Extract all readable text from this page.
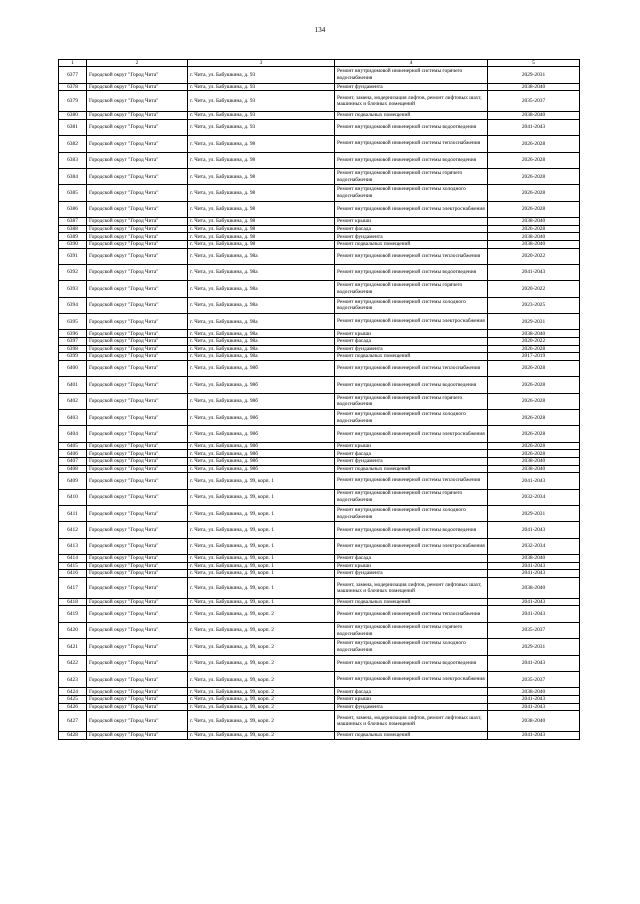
134
1	2	3	4	5
6377	Городской округ "Город Чита"	г. Чита, ул. Бабушкина, д. 93	Ремонт внутридомовой инженерной системы горячего водоснабжения	2029-2031
6378	Городской округ "Город Чита"	г. Чита, ул. Бабушкина, д. 93	Ремонт фундамента	2038-2040
6379	Городской округ "Город Чита"	г. Чита, ул. Бабушкина, д. 93	Ремонт, замена, модернизация лифтов, ремонт лифтовых шахт, машинных и блочных помещений	2035-2037
6380	Городской округ "Город Чита"	г. Чита, ул. Бабушкина, д. 93	Ремонт подвальных помещений	2038-2040
6381	Городской округ "Город Чита"	г. Чита, ул. Бабушкина, д. 93	Ремонт внутридомовой инженерной системы водоотведения	2041-2043
6382	Городской округ "Город Чита"	г. Чита, ул. Бабушкина, д. 98	Ремонт внутридомовой инженерной системы теплоснабжения	2026-2028
6383	Городской округ "Город Чита"	г. Чита, ул. Бабушкина, д. 98	Ремонт внутридомовой инженерной системы водоотведения	2026-2028
6384	Городской округ "Город Чита"	г. Чита, ул. Бабушкина, д. 98	Ремонт внутридомовой инженерной системы горячего водоснабжения	2026-2028
6385	Городской округ "Город Чита"	г. Чита, ул. Бабушкина, д. 98	Ремонт внутридомовой инженерной системы холодного водоснабжения	2026-2028
6386	Городской округ "Город Чита"	г. Чита, ул. Бабушкина, д. 98	Ремонт внутридомовой инженерной системы электроснабжения	2026-2028
6387	Городской округ "Город Чита"	г. Чита, ул. Бабушкина, д. 98	Ремонт крыши	2038-2040
6388	Городской округ "Город Чита"	г. Чита, ул. Бабушкина, д. 98	Ремонт фасада	2026-2028
6389	Городской округ "Город Чита"	г. Чита, ул. Бабушкина, д. 98	Ремонт фундамента	2038-2040
6390	Городской округ "Город Чита"	г. Чита, ул. Бабушкина, д. 98	Ремонт подвальных помещений	2038-2040
6391	Городской округ "Город Чита"	г. Чита, ул. Бабушкина, д. 98а	Ремонт внутридомовой инженерной системы теплоснабжения	2020-2022
6392	Городской округ "Город Чита"	г. Чита, ул. Бабушкина, д. 98а	Ремонт внутридомовой инженерной системы водоотведения	2041-2043
6393	Городской округ "Город Чита"	г. Чита, ул. Бабушкина, д. 98а	Ремонт внутридомовой инженерной системы горячего водоснабжения	2020-2022
6394	Городской округ "Город Чита"	г. Чита, ул. Бабушкина, д. 98а	Ремонт внутридомовой инженерной системы холодного водоснабжения	2023-2025
6395	Городской округ "Город Чита"	г. Чита, ул. Бабушкина, д. 98а	Ремонт внутридомовой инженерной системы электроснабжения	2029-2031
6396	Городской округ "Город Чита"	г. Чита, ул. Бабушкина, д. 98а	Ремонт крыши	2038-2040
6397	Городской округ "Город Чита"	г. Чита, ул. Бабушкина, д. 98а	Ремонт фасада	2020-2022
6398	Городской округ "Город Чита"	г. Чита, ул. Бабушкина, д. 98а	Ремонт фундамента	2026-2028
6399	Городской округ "Город Чита"	г. Чита, ул. Бабушкина, д. 98а	Ремонт подвальных помещений	2017-2019
6400	Городской округ "Город Чита"	г. Чита, ул. Бабушкина, д. 98б	Ремонт внутридомовой инженерной системы теплоснабжения	2026-2028
6401	Городской округ "Город Чита"	г. Чита, ул. Бабушкина, д. 98б	Ремонт внутридомовой инженерной системы водоотведения	2026-2028
6402	Городской округ "Город Чита"	г. Чита, ул. Бабушкина, д. 98б	Ремонт внутридомовой инженерной системы горячего водоснабжения	2026-2028
6403	Городской округ "Город Чита"	г. Чита, ул. Бабушкина, д. 98б	Ремонт внутридомовой инженерной системы холодного водоснабжения	2026-2028
6404	Городской округ "Город Чита"	г. Чита, ул. Бабушкина, д. 98б	Ремонт внутридомовой инженерной системы электроснабжения	2026-2028
6405	Городской округ "Город Чита"	г. Чита, ул. Бабушкина, д. 98б	Ремонт крыши	2026-2028
6406	Городской округ "Город Чита"	г. Чита, ул. Бабушкина, д. 98б	Ремонт фасада	2026-2028
6407	Городской округ "Город Чита"	г. Чита, ул. Бабушкина, д. 98б	Ремонт фундамента	2038-2040
6408	Городской округ "Город Чита"	г. Чита, ул. Бабушкина, д. 98б	Ремонт подвальных помещений	2038-2040
6409	Городской округ "Город Чита"	г. Чита, ул. Бабушкина, д. 99, корп. 1	Ремонт внутридомовой инженерной системы теплоснабжения	2041-2043
6410	Городской округ "Город Чита"	г. Чита, ул. Бабушкина, д. 99, корп. 1	Ремонт внутридомовой инженерной системы горячего водоснабжения	2032-2034
6411	Городской округ "Город Чита"	г. Чита, ул. Бабушкина, д. 99, корп. 1	Ремонт внутридомовой инженерной системы холодного водоснабжения	2029-2031
6412	Городской округ "Город Чита"	г. Чита, ул. Бабушкина, д. 99, корп. 1	Ремонт внутридомовой инженерной системы водоотведения	2041-2043
6413	Городской округ "Город Чита"	г. Чита, ул. Бабушкина, д. 99, корп. 1	Ремонт внутридомовой инженерной системы электроснабжения	2032-2034
6414	Городской округ "Город Чита"	г. Чита, ул. Бабушкина, д. 99, корп. 1	Ремонт фасада	2038-2040
6415	Городской округ "Город Чита"	г. Чита, ул. Бабушкина, д. 99, корп. 1	Ремонт крыши	2041-2043
6416	Городской округ "Город Чита"	г. Чита, ул. Бабушкина, д. 99, корп. 1	Ремонт фундамента	2041-2043
6417	Городской округ "Город Чита"	г. Чита, ул. Бабушкина, д. 99, корп. 1	Ремонт, замена, модернизация лифтов, ремонт лифтовых шахт, машинных и блочных помещений	2038-2040
6418	Городской округ "Город Чита"	г. Чита, ул. Бабушкина, д. 99, корп. 1	Ремонт подвальных помещений	2041-2043
6419	Городской округ "Город Чита"	г. Чита, ул. Бабушкина, д. 99, корп. 2	Ремонт внутридомовой инженерной системы теплоснабжения	2041-2043
6420	Городской округ "Город Чита"	г. Чита, ул. Бабушкина, д. 99, корп. 2	Ремонт внутридомовой инженерной системы горячего водоснабжения	2035-2037
6421	Городской округ "Город Чита"	г. Чита, ул. Бабушкина, д. 99, корп. 2	Ремонт внутридомовой инженерной системы холодного водоснабжения	2029-2031
6422	Городской округ "Город Чита"	г. Чита, ул. Бабушкина, д. 99, корп. 2	Ремонт внутридомовой инженерной системы водоотведения	2041-2043
6423	Городской округ "Город Чита"	г. Чита, ул. Бабушкина, д. 99, корп. 2	Ремонт внутридомовой инженерной системы электроснабжения	2035-2037
6424	Городской округ "Город Чита"	г. Чита, ул. Бабушкина, д. 99, корп. 2	Ремонт фасада	2038-2040
6425	Городской округ "Город Чита"	г. Чита, ул. Бабушкина, д. 99, корп. 2	Ремонт крыши	2041-2043
6426	Городской округ "Город Чита"	г. Чита, ул. Бабушкина, д. 99, корп. 2	Ремонт фундамента	2041-2043
6427	Городской округ "Город Чита"	г. Чита, ул. Бабушкина, д. 99, корп. 2	Ремонт, замена, модернизация лифтов, ремонт лифтовых шахт, машинных и блочных помещений	2038-2040
6428	Городской округ "Город Чита"	г. Чита, ул. Бабушкина, д. 99, корп. 2	Ремонт подвальных помещений	2041-2043
